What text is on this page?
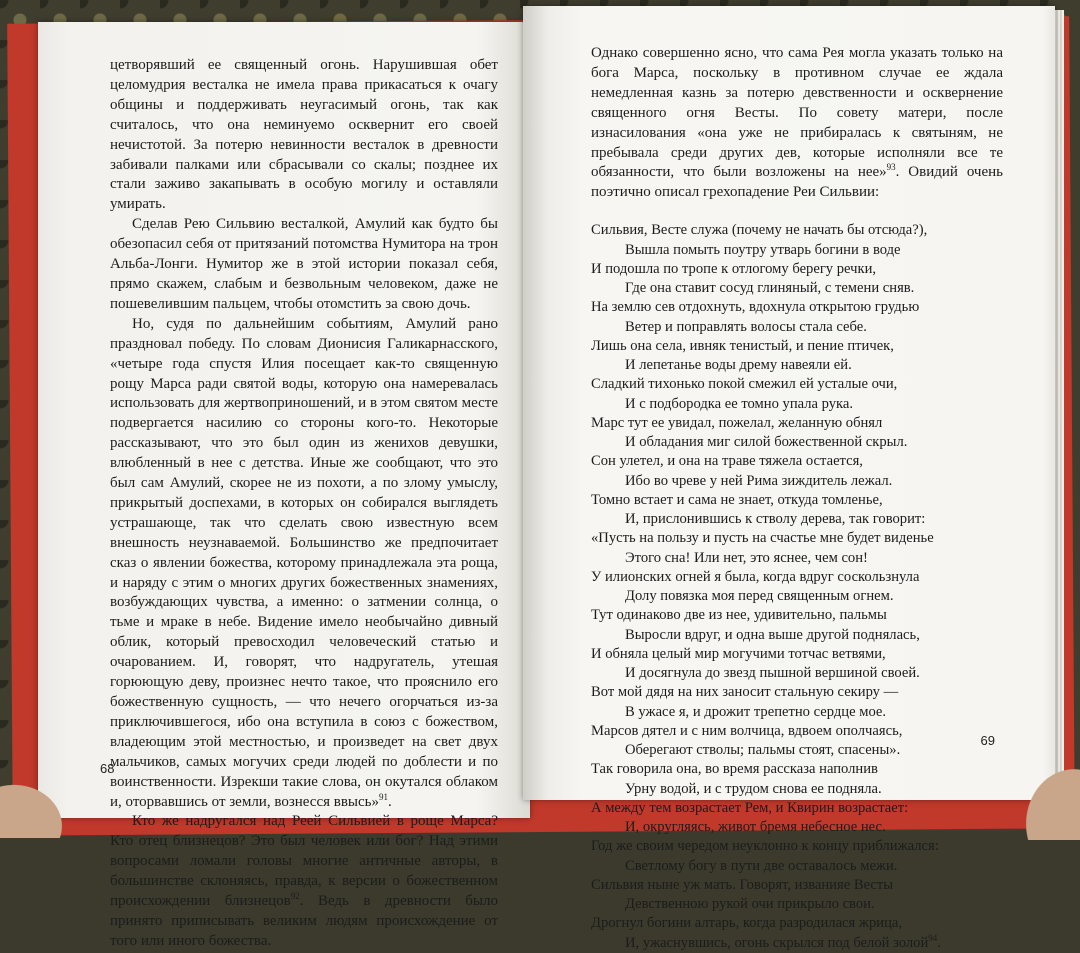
цетворявший ее священный огонь. Нарушившая обет целомудрия весталка не имела права прикасаться к очагу общины и поддерживать неугасимый огонь, так как считалось, что она неминуемо осквернит его своей нечистотой. За потерю невинности весталок в древности забивали палками или сбрасывали со скалы; позднее их стали заживо закапывать в особую могилу и оставляли умирать.

Сделав Рею Сильвию весталкой, Амулий как будто бы обезопасил себя от притязаний потомства Нумитора на трон Альба-Лонги. Нумитор же в этой истории показал себя, прямо скажем, слабым и безвольным человеком, даже не пошевелившим пальцем, чтобы отомстить за свою дочь.

Но, судя по дальнейшим событиям, Амулий рано праздновал победу. По словам Дионисия Галикарнасского, «четыре года спустя Илия посещает как-то священную рощу Марса ради святой воды, которую она намеревалась использовать для жертвоприношений, и в этом святом месте подвергается насилию со стороны кого-то. Некоторые рассказывают, что это был один из женихов девушки, влюбленный в нее с детства. Иные же сообщают, что это был сам Амулий, скорее не из похоти, а по злому умыслу, прикрытый доспехами, в которых он собирался выглядеть устрашающе, так что сделать свою известную всем внешность неузнаваемой. Большинство же предпочитает сказ о явлении божества, которому принадлежала эта роща, и наряду с этим о многих других божественных знамениях, возбуждающих чувства, а именно: о затмении солнца, о тьме и мраке в небе. Видение имело необычайно дивный облик, который превосходил человеческий статью и очарованием. И, говорят, что надругатель, утешая горюющую деву, произнес нечто такое, что прояснило его божественную сущность, — что нечего огорчаться из-за приключившегося, ибо она вступила в союз с божеством, владеющим этой местностью, и произведет на свет двух мальчиков, самых могучих среди людей по доблести и по воинственности. Изрекши такие слова, он окутался облаком и, оторвавшись от земли, вознесся ввысь»$^{91}$.

Кто же надругался над Реей Сильвией в роще Марса? Кто отец близнецов? Это был человек или бог? Над этими вопросами ломали головы многие античные авторы, в большинстве склоняясь, правда, к версии о божественном происхождении близнецов$^{92}$. Ведь в древности было принято приписывать великим людям происхождение от того или иного божества.

68

Однако совершенно ясно, что сама Рея могла указать только на бога Марса, поскольку в противном случае ее ждала немедленная казнь за потерю девственности и осквернение священного огня Весты. По совету матери, после изнасилования «она уже не прибиралась к святыням, не пребывала среди других дев, которые исполняли все те обязанности, что были возложены на нее»$^{93}$. Овидий очень поэтично описал грехопадение Реи Сильвии:

Сильвия, Весте служа (почему не начать бы отсюда?),
Вышла помыть поутру утварь богини в воде
И подошла по тропе к отлогому берегу речки,
Где она ставит сосуд глиняный, с темени сняв.
На землю сев отдохнуть, вдохнула открытою грудью
Ветер и поправлять волосы стала себе.
Лишь она села, ивняк тенистый, и пение птичек,
И лепетанье воды дрему навеяли ей.
Сладкий тихонько покой смежил ей усталые очи,
И с подбородка ее томно упала рука.
Марс тут ее увидал, пожелал, желанную обнял
И обладания миг силой божественной скрыл.
Сон улетел, и она на траве тяжела остается,
Ибо во чреве у ней Рима зиждитель лежал.
Томно встает и сама не знает, откуда томленье,
И, прислонившись к стволу дерева, так говорит:
«Пусть на пользу и пусть на счастье мне будет виденье
Этого сна! Или нет, это яснее, чем сон!
У илионских огней я была, когда вдруг соскользнула
Долу повязка моя перед священным огнем.
Тут одинаково две из нее, удивительно, пальмы
Выросли вдруг, и одна выше другой поднялась,
И обняла целый мир могучими тотчас ветвями,
И досягнула до звезд пышной вершиной своей.
Вот мой дядя на них заносит стальную секиру —
В ужасе я, и дрожит трепетно сердце мое.
Марсов дятел и с ним волчица, вдвоем ополчаясь,
Оберегают стволы; пальмы стоят, спасены».
Так говорила она, во время рассказа наполнив
Урну водой, и с трудом снова ее подняла.
А между тем возрастает Рем, и Квирин возрастает:
И, округляясь, живот бремя небесное нес.
Год же своим чередом неуклонно к концу приближался:
Светлому богу в пути две оставалось межи.
Сильвия ныне уж мать. Говорят, изванияе Весты
Девственною рукой очи прикрыло свои.
Дрогнул богини алтарь, когда разродилася жрица,
И, ужаснувшись, огонь скрылся под белой золой$^{94}$.
69
